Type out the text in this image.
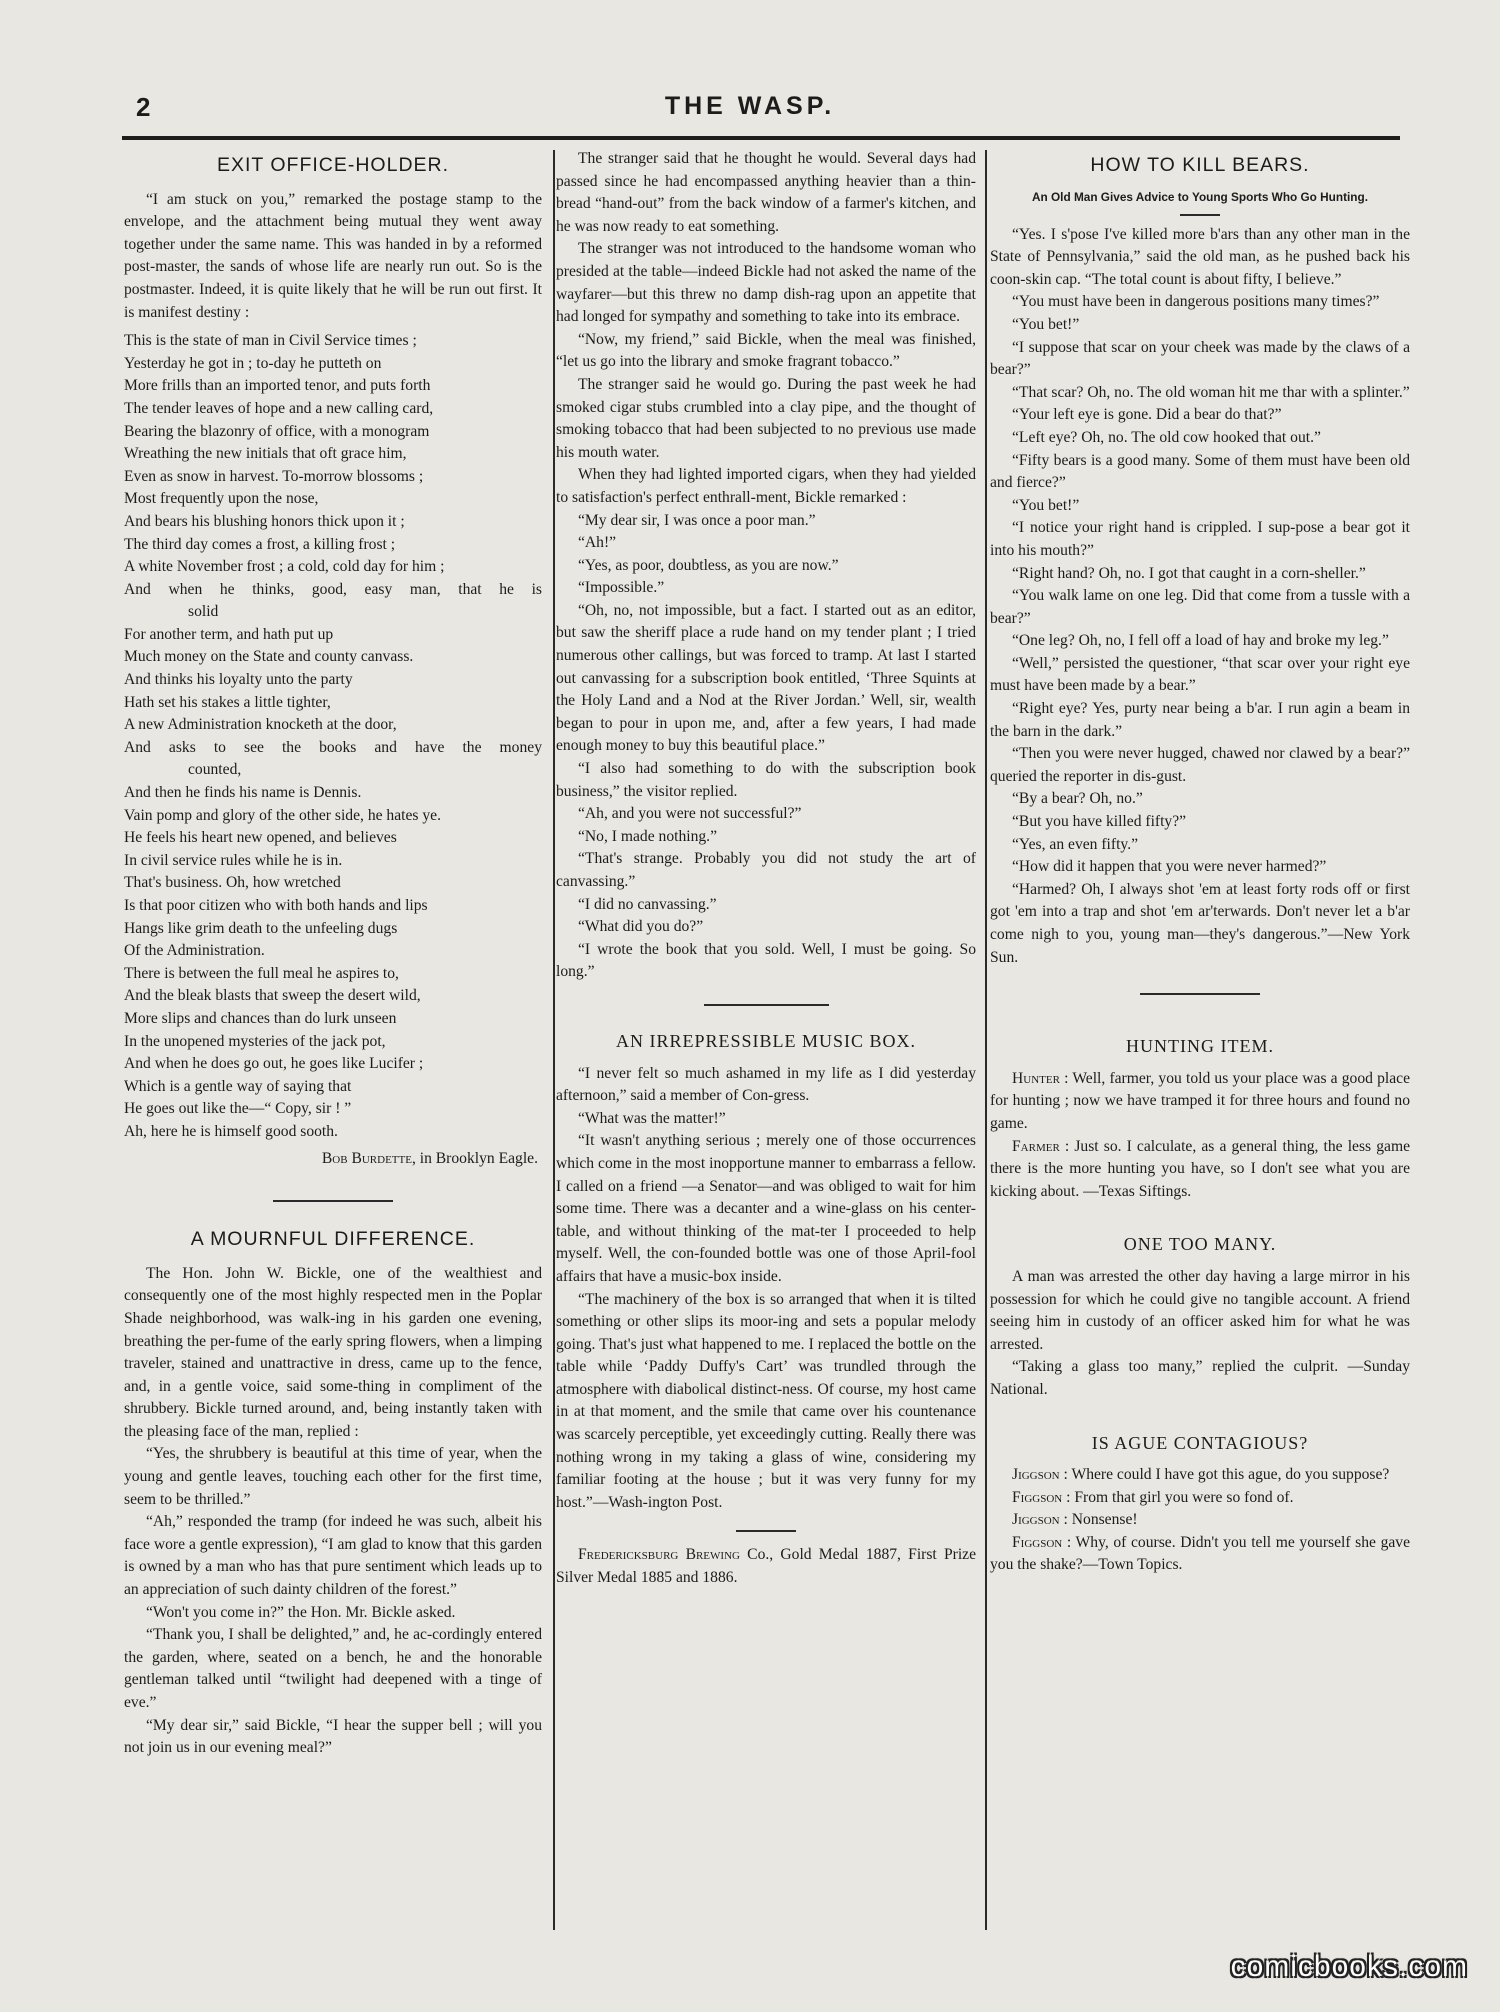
2	THE WASP.
EXIT OFFICE-HOLDER.

“I am stuck on you,” remarked the postage stamp to the envelope, and the attachment being mutual they went away together under the same name. This was handed in by a reformed post-master, the sands of whose life are nearly run out. So is the postmaster. Indeed, it is quite likely that he will be run out first. It is manifest destiny :

This is the state of man in Civil Service times ;
Yesterday he got in ; to-day he putteth on
More frills than an imported tenor, and puts forth
The tender leaves of hope and a new calling card,
Bearing the blazonry of office, with a monogram
Wreathing the new initials that oft grace him,
Even as snow in harvest. To-morrow blossoms ;
Most frequently upon the nose,
And bears his blushing honors thick upon it ;
The third day comes a frost, a killing frost ;
A white November frost ; a cold, cold day for him ;
And when he thinks, good, easy man, that he is
solid
For another term, and hath put up
Much money on the State and county canvass.
And thinks his loyalty unto the party
Hath set his stakes a little tighter,
A new Administration knocketh at the door,
And asks to see the books and have the money
counted,
And then he finds his name is Dennis.
Vain pomp and glory of the other side, he hates ye.
He feels his heart new opened, and believes
In civil service rules while he is in.
That's business. Oh, how wretched
Is that poor citizen who with both hands and lips
Hangs like grim death to the unfeeling dugs
Of the Administration.
There is between the full meal he aspires to,
And the bleak blasts that sweep the desert wild,
More slips and chances than do lurk unseen
In the unopened mysteries of the jack pot,
And when he does go out, he goes like Lucifer ;
Which is a gentle way of saying that
He goes out like the—“ Copy, sir ! ”
Ah, here he is himself good sooth.
Bob Burdette, in Brooklyn Eagle.
A MOURNFUL DIFFERENCE.

The Hon. John W. Bickle, one of the wealthiest and consequently one of the most highly respected men in the Poplar Shade neighborhood, was walk-ing in his garden one evening, breathing the per-fume of the early spring flowers, when a limping traveler, stained and unattractive in dress, came up to the fence, and, in a gentle voice, said some-thing in compliment of the shrubbery. Bickle turned around, and, being instantly taken with the pleasing face of the man, replied :

“Yes, the shrubbery is beautiful at this time of year, when the young and gentle leaves, touching each other for the first time, seem to be thrilled.”

“Ah,” responded the tramp (for indeed he was such, albeit his face wore a gentle expression), “I am glad to know that this garden is owned by a man who has that pure sentiment which leads up to an appreciation of such dainty children of the forest.”

“Won't you come in?” the Hon. Mr. Bickle asked.

“Thank you, I shall be delighted,” and, he ac-cordingly entered the garden, where, seated on a bench, he and the honorable gentleman talked until “twilight had deepened with a tinge of eve.”

“My dear sir,” said Bickle, “I hear the supper bell ; will you not join us in our evening meal?”

The stranger said that he thought he would. Several days had passed since he had encompassed anything heavier than a thin-bread “hand-out” from the back window of a farmer's kitchen, and he was now ready to eat something.

The stranger was not introduced to the handsome woman who presided at the table—indeed Bickle had not asked the name of the wayfarer—but this threw no damp dish-rag upon an appetite that had longed for sympathy and something to take into its embrace.

“Now, my friend,” said Bickle, when the meal was finished, “let us go into the library and smoke fragrant tobacco.”

The stranger said he would go. During the past week he had smoked cigar stubs crumbled into a clay pipe, and the thought of smoking tobacco that had been subjected to no previous use made his mouth water.

When they had lighted imported cigars, when they had yielded to satisfaction's perfect enthrall-ment, Bickle remarked :

“My dear sir, I was once a poor man.”

“Ah!”

“Yes, as poor, doubtless, as you are now.”

“Impossible.”

“Oh, no, not impossible, but a fact. I started out as an editor, but saw the sheriff place a rude hand on my tender plant ; I tried numerous other callings, but was forced to tramp. At last I started out canvassing for a subscription book entitled, ‘Three Squints at the Holy Land and a Nod at the River Jordan.’ Well, sir, wealth began to pour in upon me, and, after a few years, I had made enough money to buy this beautiful place.”

“I also had something to do with the subscription book business,” the visitor replied.

“Ah, and you were not successful?”

“No, I made nothing.”

“That's strange. Probably you did not study the art of canvassing.”

“I did no canvassing.”

“What did you do?”

“I wrote the book that you sold. Well, I must be going. So long.”

AN IRREPRESSIBLE MUSIC BOX.

“I never felt so much ashamed in my life as I did yesterday afternoon,” said a member of Con-gress.

“What was the matter!”

“It wasn't anything serious ; merely one of those occurrences which come in the most inopportune manner to embarrass a fellow. I called on a friend —a Senator—and was obliged to wait for him some time. There was a decanter and a wine-glass on his center-table, and without thinking of the mat-ter I proceeded to help myself. Well, the con-founded bottle was one of those April-fool affairs that have a music-box inside.

“The machinery of the box is so arranged that when it is tilted something or other slips its moor-ing and sets a popular melody going. That's just what happened to me. I replaced the bottle on the table while ‘Paddy Duffy's Cart’ was trundled through the atmosphere with diabolical distinct-ness. Of course, my host came in at that moment, and the smile that came over his countenance was scarcely perceptible, yet exceedingly cutting. Really there was nothing wrong in my taking a glass of wine, considering my familiar footing at the house ; but it was very funny for my host.”—Wash-ington Post.

Fredericksburg Brewing Co., Gold Medal 1887, First Prize Silver Medal 1885 and 1886.

HOW TO KILL BEARS.
An Old Man Gives Advice to Young Sports Who Go Hunting.

“Yes. I s'pose I've killed more b'ars than any other man in the State of Pennsylvania,” said the old man, as he pushed back his coon-skin cap. “The total count is about fifty, I believe.”

“You must have been in dangerous positions many times?”

“You bet!”

“I suppose that scar on your cheek was made by the claws of a bear?”

“That scar? Oh, no. The old woman hit me thar with a splinter.”

“Your left eye is gone. Did a bear do that?”

“Left eye? Oh, no. The old cow hooked that out.”

“Fifty bears is a good many. Some of them must have been old and fierce?”

“You bet!”

“I notice your right hand is crippled. I sup-pose a bear got it into his mouth?”

“Right hand? Oh, no. I got that caught in a corn-sheller.”

“You walk lame on one leg. Did that come from a tussle with a bear?”

“One leg? Oh, no, I fell off a load of hay and broke my leg.”

“Well,” persisted the questioner, “that scar over your right eye must have been made by a bear.”

“Right eye? Yes, purty near being a b'ar. I run agin a beam in the barn in the dark.”

“Then you were never hugged, chawed nor clawed by a bear?” queried the reporter in dis-gust.

“By a bear? Oh, no.”

“But you have killed fifty?”

“Yes, an even fifty.”

“How did it happen that you were never harmed?”

“Harmed? Oh, I always shot 'em at least forty rods off or first got 'em into a trap and shot 'em ar'terwards. Don't never let a b'ar come nigh to you, young man—they's dangerous.”—New York Sun.

HUNTING ITEM.

Hunter : Well, farmer, you told us your place was a good place for hunting ; now we have tramped it for three hours and found no game.

Farmer : Just so. I calculate, as a general thing, the less game there is the more hunting you have, so I don't see what you are kicking about. —Texas Siftings.

ONE TOO MANY.

A man was arrested the other day having a large mirror in his possession for which he could give no tangible account. A friend seeing him in custody of an officer asked him for what he was arrested.

“Taking a glass too many,” replied the culprit. —Sunday National.

IS AGUE CONTAGIOUS?

Jiggson : Where could I have got this ague, do you suppose?

Figgson : From that girl you were so fond of.

Jiggson : Nonsense!

Figgson : Why, of course. Didn't you tell me yourself she gave you the shake?—Town Topics.

comicbooks.com
